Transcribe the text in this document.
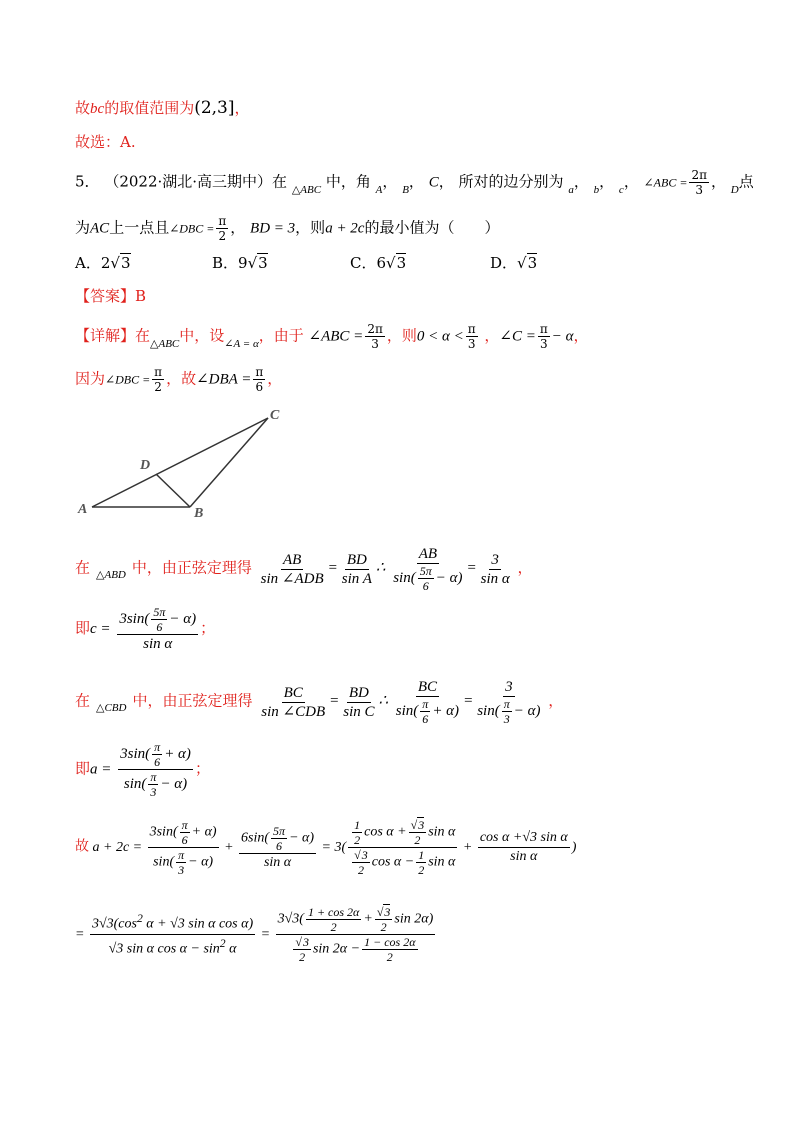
故bc的取值范围为(2,3]，
故选：A.
5． （2022·湖北·高三期中）在 $_{\triangle ABC}$ 中，角 $_A$， $_B$， C， 所对的边分别为 $_a$， $_b$， $_c$， ∠ABC = $\frac{2\pi}{3}$ ， $_D$点
为AC上一点且∠DBC = $\frac{\pi}{2}$ ， BD = 3，则a + 2c的最小值为（　　）
A．2√3	B．9√3	C．6√3	D．√3
【答案】B
【详解】在$_{\triangle ABC}$中，设$_{\angle A = \alpha}$，由于 ∠ABC = $\frac{2\pi}{3}$ ，则$0 < \alpha < \frac{\pi}{3}$ ，∠C = $\frac{\pi}{3} - \alpha$，
因为∠DBC = $\frac{\pi}{2}$ ，故∠DBA = $\frac{\pi}{6}$ ，
A	B
C
D
在 $_{\triangle ABD}$ 中，由正弦定理得 $\frac{AB}{\text{sin ∠ADB}} = \frac{BD}{\text{sin A}}$ ∴ $\frac{AB}{\sin( \frac{5\pi}{6} - \alpha)} = \frac{3}{\text{sin α}}$ ，
即$c = \frac{3\sin( \frac{5\pi}{6} - \alpha)}{\text{sin α}}$ ；
在 $_{\triangle CBD}$ 中，由正弦定理得 $\frac{BC}{\text{sin ∠CDB}} = \frac{BD}{\text{sin C}}$ ∴ $\frac{BC}{\sin( \frac{\pi}{6} + \alpha)} = \frac{3}{\sin( \frac{\pi}{3} - \alpha)}$ ，
即$a = \frac{3\sin( \frac{\pi}{6} + \alpha)}{\sin( \frac{\pi}{3} - \alpha)}$ ；
故 $a + 2c = \frac{3\sin( \frac{\pi}{6} + \alpha)}{\sin( \frac{\pi}{3} - \alpha)} + \frac{6\sin( \frac{5\pi}{6} - \alpha)}{\text{sin α}} = 3( \frac{\frac{1}{2} \cos \alpha + \frac{√3}{2} \sin \alpha}{\frac{√3}{2} \cos \alpha - \frac{1}{2} \sin \alpha} + \frac{\text{cos α +√3 sin α}}{\text{sin α}}$ )
= $\frac{3√3(\cos^2 \alpha + √3 \sin \alpha \cos \alpha)}{√3 \sin \alpha \cos \alpha - \sin^2 \alpha} = \frac{3√3( \frac{1 + \cos 2\alpha}{2} + \frac{√3}{2} \sin 2\alpha)}{\frac{√3}{2} \sin 2\alpha - \frac{1 - \cos 2\alpha}{2}}$
